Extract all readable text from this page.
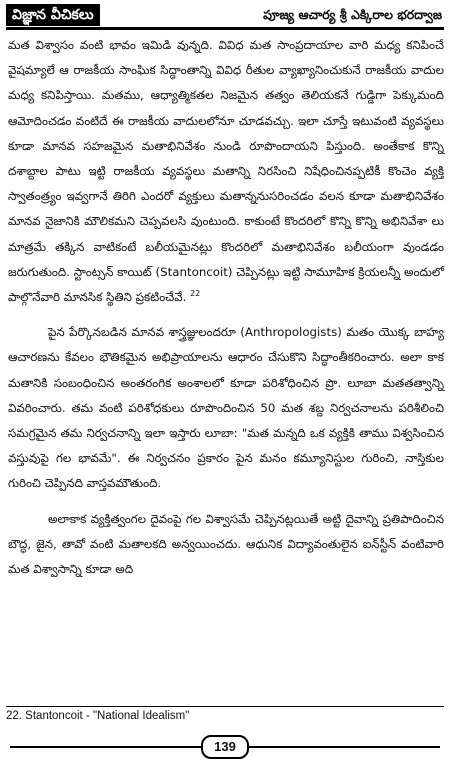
విజ్ఞాన వీచికలు	పూజ్య ఆచార్య శ్రీ ఎక్కిరాల భరద్వాజ

మత విశ్వాసం వంటి భావం ఇమిడి వున్నది. వివిధ మత సాంప్రదాయాల వారి మధ్య కనిపించే వైషమ్యాలే ఆ రాజకీయ సాంఘిక సిద్ధాంతాన్ని వివిధ రీతుల వ్యాఖ్యానించుకునే రాజకీయ వాదుల మధ్య కనిపిస్తాయి. మతము, ఆధ్యాత్మికతల నిజమైన తత్వం తెలియకనే గుడ్డిగా పెక్కుమంది ఆమోదించడం వంటిదే ఈ రాజకీయ వాదులలోనూ చూడవచ్చు. ఇలా చూస్తే ఇటువంటి వ్యవస్థలు కూడా మానవ సహజమైన మతాభినివేశం నుండి రూపొందాయని పిస్తుంది. అంతేకాక కొన్ని దశాబ్దాల పాటు ఇట్టి రాజకీయ వ్యవస్థలు మతాన్ని నిరసించి నిషేధించినప్పటికీ కొంచెం వ్యక్తి స్వాతంత్ర్యం ఇవ్వగానే తిరిగి ఎందరో వ్యక్తులు మతాన్ననుసరించడం వలన కూడా మతాభినివేశం మానవ నైజానికి మౌలికమని చెప్పవలసి వుంటుంది. కాకుంటే కొందరిలో కొన్ని కొన్ని అభినివేశా లు మాత్రమే తక్కిన వాటికంటే బలీయమైనట్లు కొందరిలో మతాభినివేశం బలీయంగా వుండడం జరుగుతుంది. స్టాంట్సన్ కాయిట్ (Stantoncoit) చెప్పినట్లు ఇట్టి సామూహిక క్రియలన్నీ అందులో పాల్గొనేవారి మానసిక స్థితిని ప్రకటించేవే. $^{22}$

పైన పేర్కొనబడిన మానవ శాస్త్రజ్ఞులందరూ (Anthropologists) మతం యొక్క బాహ్య ఆచారణను కేవలం భౌతికమైన అభిప్రాయాలను ఆధారం చేసుకొని సిద్ధాంతీకరించారు. అలా కాక మతానికి సంబంధించిన అంతరంగిక అంశాలలో కూడా పరిశోధించిన ప్రొ. లూబా మతతత్వాన్ని వివరించారు. తమ వంటి పరిశోధకులు రూపొందించిన 50 మత శబ్ద నిర్వచనాలను పరిశీలించి సమగ్రమైన తమ నిర్వచనాన్ని ఇలా ఇస్తారు లూబా: "మత మన్నది ఒక వ్యక్తికి తాము విశ్వసించిన వస్తువుపై గల భావమే". ఈ నిర్వచనం ప్రకారం పైన మనం కమ్యూనిస్టుల గురించి, నాస్తికుల గురించి చెప్పినది వాస్తవమౌతుంది.

అలాకాక వ్యక్తిత్వంగల దైవంపై గల విశ్వాసమే చెప్పినట్లయితే అట్టి దైవాన్ని ప్రతిపాదించిన బౌద్ధ, జైన, తావో వంటి మతాలకది అన్వయించదు. ఆధునిక విద్యావంతులైన ఐన్‌స్టీన్ వంటివారి మత విశ్వాసాన్ని కూడా అది

22. Stantoncoit - "National Idealism"
139
